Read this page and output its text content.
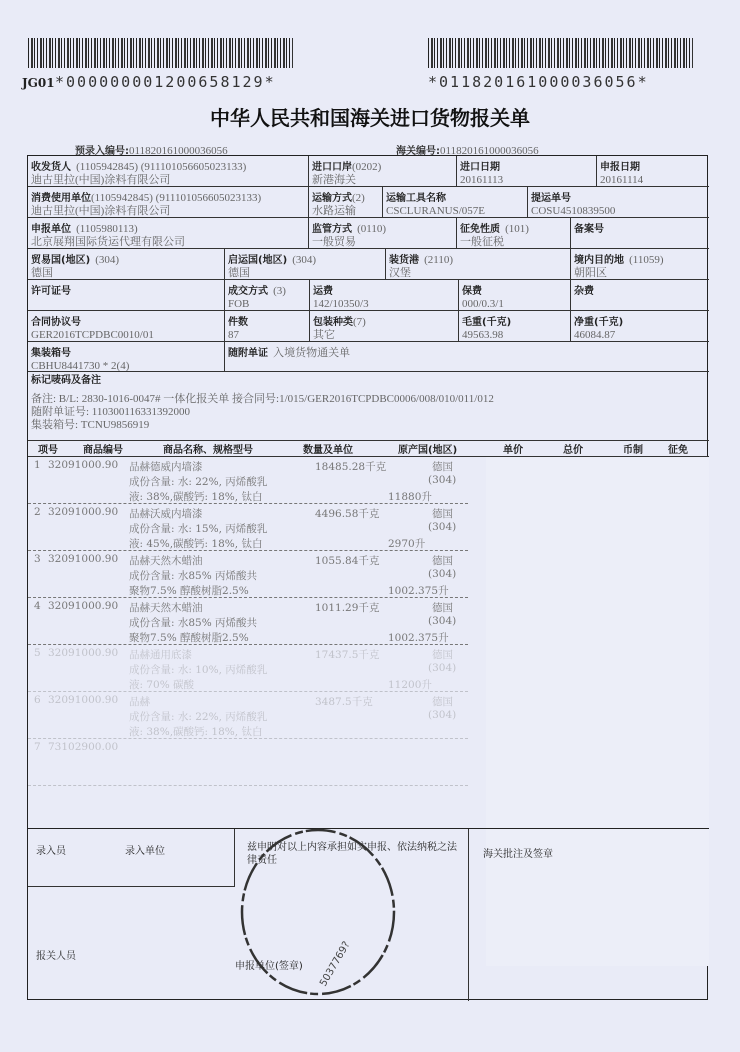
JG01 *000000001200658129*	*011820161000036056*
中华人民共和国海关进口货物报关单
预录入编号:011820161000036056	海关编号:011820161000036056
收发货人 (1105942845) (911101056605023133)
迪古里拉(中国)涂料有限公司
进口口岸(0202)
新港海关
进口日期
20161113
申报日期
20161114
消费使用单位(1105942845) (911101056605023133)
迪古里拉(中国)涂料有限公司
运输方式(2)
水路运输
运输工具名称
CSCLURANUS/057E
提运单号
COSU4510839500
申报单位 (1105980113)
北京展翔国际货运代理有限公司
监管方式 (0110)
一般贸易
征免性质 (101)
一般征税
备案号
贸易国(地区) (304)
德国
启运国(地区) (304)
德国
装货港 (2110)
汉堡
境内目的地 (11059)
朝阳区
许可证号	成交方式 (3)
FOB
运费
142/10350/3
保费
000/0.3/1
杂费
合同协议号
GER2016TCPDBC0010/01
件数
87
包装种类(7)
其它
毛重(千克)
49563.98
净重(千克)
46084.87
集装箱号
CBHU8441730 * 2(4)
随附单证 入境货物通关单
标记唛码及备注
备注: B/L: 2830-1016-0047# 一体化报关单 接合同号:1/015/GER2016TCPDBC0006/008/010/011/012
随附单证号: 110300116331392000
集装箱号: TCNU9856919
项号	商品编号	商品名称、规格型号	数量及单位	原产国(地区)	单价	总价	币制	征免
1 32091000.90 品赫德威内墙漆
成份含量: 水: 22%, 丙烯酸乳
液: 38%,碳酸钙: 18%, 钛白
18485.28千克	德国
(304)
11880升
2 32091000.90 品赫沃威内墙漆
成份含量: 水: 15%, 丙烯酸乳
液: 45%,碳酸钙: 18%, 钛白
4496.58千克	德国
(304)
2970升
3 32091000.90 品赫天然木蜡油
成份含量: 水85% 丙烯酸共
聚物7.5% 醇酸树脂2.5%
1055.84千克	德国
(304)
1002.375升
4 32091000.90 品赫天然木蜡油
成份含量: 水85% 丙烯酸共
聚物7.5% 醇酸树脂2.5%
1011.29千克	德国
(304)
1002.375升
5 32091000.90 品赫通用底漆
成份含量: 水: 10%, 丙烯酸乳
液: 70% 碳酸
17437.5千克	德国
(304)
11200升
6 32091000.90 品赫
成份含量: 水: 22%, 丙烯酸乳
液: 38%,碳酸钙: 18%, 钛白
3487.5千克	德国
(304)
7 73102900.00
录入员	录入单位	兹申明对以上内容承担如实申报、依法纳税之法律责任
海关批注及签章
报关人员
申报单位(签章) 5037769?
